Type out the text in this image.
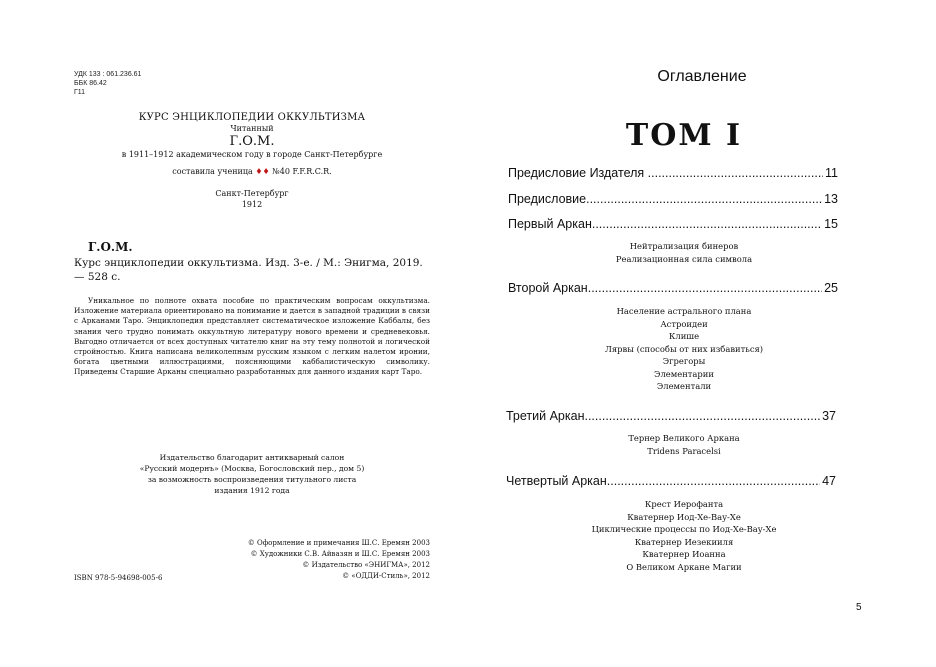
УДК 133 : 061.236.61
ББК 86.42
Г11
КУРС ЭНЦИКЛОПЕДИИ ОККУЛЬТИЗМА
Читанный
Г.О.М.
в 1911–1912 академическом году в городе Санкт-Петербурге
составила ученица ♦♦ №40 F.F.R.C.R.
Санкт-Петербург
1912
Г.О.М.
Курс энциклопедии оккультизма. Изд. 3-е. / М.: Энигма, 2019. — 528 с.
Уникальное по полноте охвата пособие по практическим вопросам оккультизма. Изложение материала ориентировано на понимание и дается в западной традиции в связи с Арканами Таро. Энциклопедия представляет систематическое изложение Каббалы, без знания чего трудно понимать оккультную литературу нового времени и средневековья. Выгодно отличается от всех доступных читателю книг на эту тему полнотой и логической стройностью. Книга написана великолепным русским языком с легким налетом иронии, богата цветными иллюстрациями, поясняющими каббалистическую символику. Приведены Старшие Арканы специально разработанных для данного издания карт Таро.
Издательство благодарит антикварный салон
«Русский модернъ» (Москва, Богословский пер., дом 5)
за возможность воспроизведения титульного листа
издания 1912 года
© Оформление и примечания Ш.С. Еремян 2003
© Художники С.В. Айвазян и Ш.С. Еремян 2003
© Издательство «ЭНИГМА», 2012
© «ОДДИ-Стиль», 2012
ISBN 978-5-94698-005-6
Оглавление
ТОМ I
Предисловие Издателя ... .....	11
Предисловие .....	13
Первый Аркан .....	15
Нейтрализация бинеров
Реализационная сила символа
Второй Аркан .....	25
Население астрального плана
Астроидеи
Клише
Лярвы (способы от них избавиться)
Эгрегоры
Элементарии
Элементали
Третий Аркан .....	37
Тернер Великого Аркана
Tridens Paracelsi
Четвертый Аркан .....	47
Крест Иерофанта
Кватернер Иод-Хе-Вау-Хе
Циклические процессы по Иод-Хе-Вау-Хе
Кватернер Иезекииля
Кватернер Иоанна
О Великом Аркане Магии
5
